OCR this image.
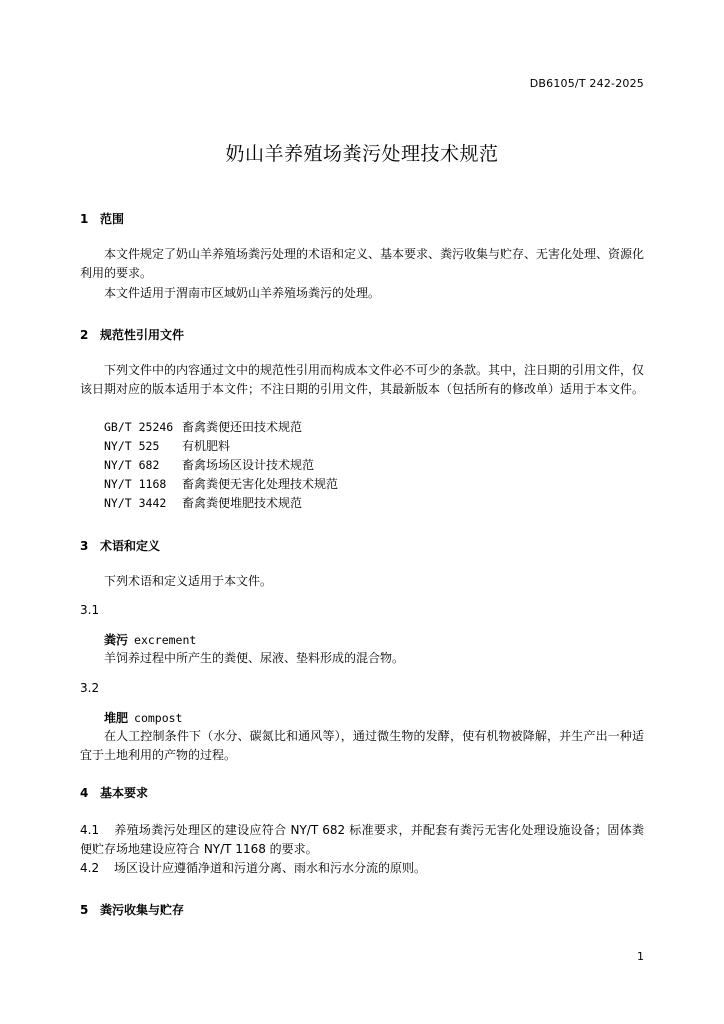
DB6105/T 242-2025
奶山羊养殖场粪污处理技术规范
1 范围
本文件规定了奶山羊养殖场粪污处理的术语和定义、基本要求、粪污收集与贮存、无害化处理、资源化利用的要求。
本文件适用于渭南市区域奶山羊养殖场粪污的处理。
2 规范性引用文件
下列文件中的内容通过文中的规范性引用而构成本文件必不可少的条款。其中，注日期的引用文件，仅该日期对应的版本适用于本文件；不注日期的引用文件，其最新版本（包括所有的修改单）适用于本文件。
GB/T 25246 畜禽粪便还田技术规范
NY/T 525 有机肥料
NY/T 682 畜禽场场区设计技术规范
NY/T 1168 畜禽粪便无害化处理技术规范
NY/T 3442 畜禽粪便堆肥技术规范
3 术语和定义
下列术语和定义适用于本文件。
3.1
粪污 excrement
羊饲养过程中所产生的粪便、尿液、垫料形成的混合物。
3.2
堆肥 compost
在人工控制条件下（水分、碳氮比和通风等），通过微生物的发酵，使有机物被降解，并生产出一种适宜于土地利用的产物的过程。
4 基本要求
4.1 养殖场粪污处理区的建设应符合 NY/T 682 标准要求，并配套有粪污无害化处理设施设备；固体粪便贮存场地建设应符合 NY/T 1168 的要求。
4.2 场区设计应遵循净道和污道分离、雨水和污水分流的原则。
5 粪污收集与贮存
1
